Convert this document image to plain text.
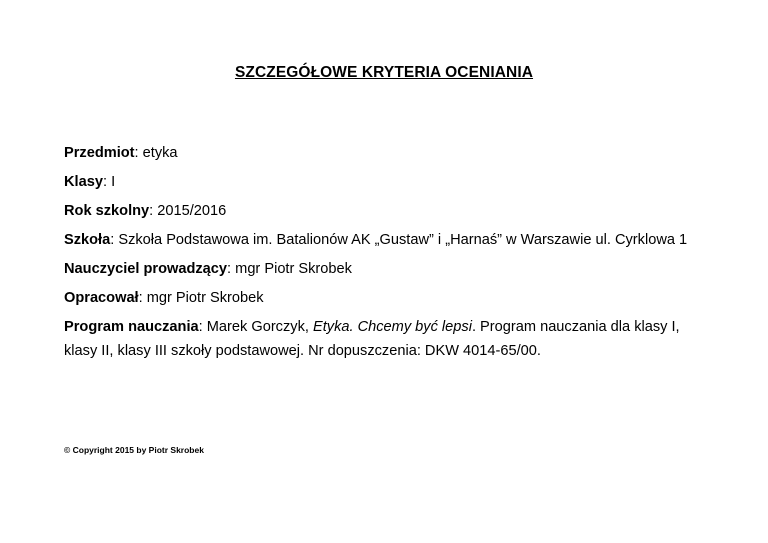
SZCZEGÓŁOWE KRYTERIA OCENIANIA
Przedmiot: etyka
Klasy: I
Rok szkolny: 2015/2016
Szkoła: Szkoła Podstawowa im. Batalionów AK „Gustaw” i „Harnaś” w Warszawie ul. Cyrklowa 1
Nauczyciel prowadzący: mgr Piotr Skrobek
Opracował: mgr Piotr Skrobek
Program nauczania: Marek Gorczyk, Etyka. Chcemy być lepsi. Program nauczania dla klasy I, klasy II, klasy III szkoły podstawowej. Nr dopuszczenia: DKW 4014-65/00.
© Copyright 2015 by Piotr Skrobek
